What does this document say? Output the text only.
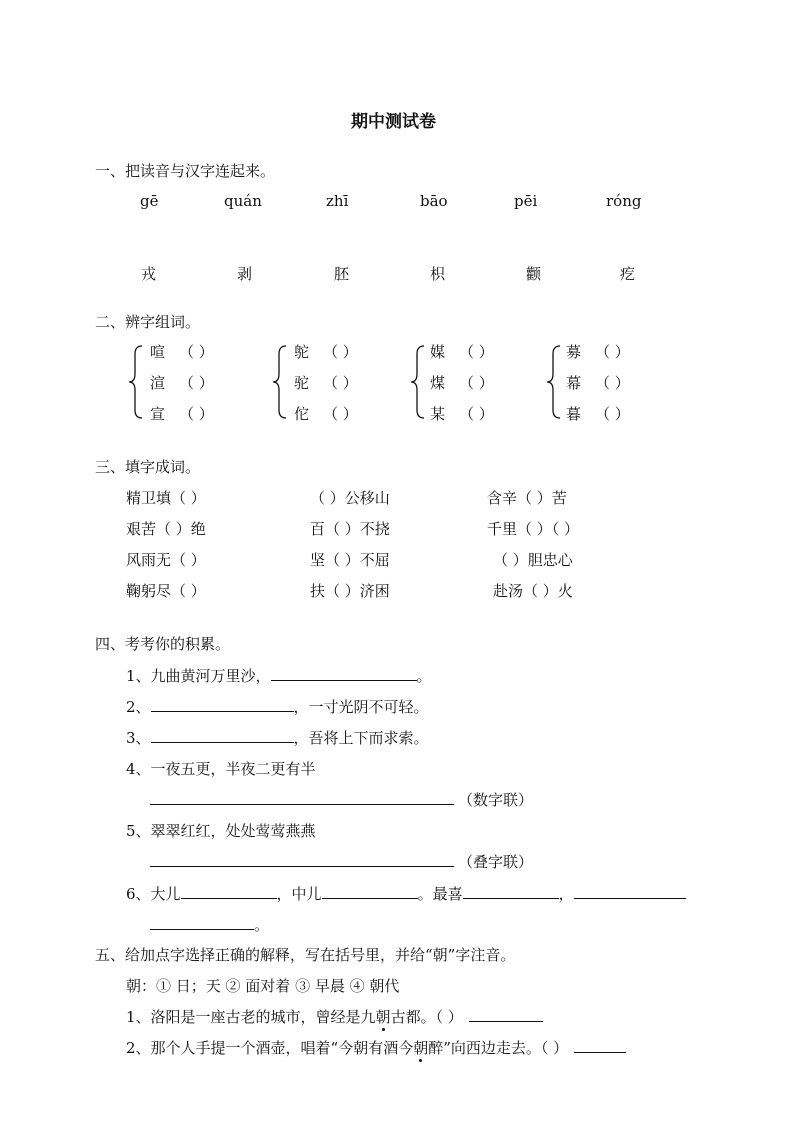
期中测试卷
一、把读音与汉字连起来。
gē	quán	zhī	bāo	pēi	róng
戎	剥	胚	枳	颧	疙
二、辨字组词。
喧 （ ）
渲 （ ）
宣 （ ）
鸵 （ ）
驼 （ ）
佗 （ ）
媒 （ ）
煤 （ ）
某 （ ）
募 （ ）
幕 （ ）
暮 （ ）
三、填字成词。
精卫填（ ）	（ ）公移山	含辛（ ）苦
艰苦（ ）绝	百（ ）不挠	千里（ ）（ ）
风雨无（ ）	坚（ ）不屈	（ ）胆忠心
鞠躬尽（ ）	扶（ ）济困	赴汤（ ）火
四、考考你的积累。
1、九曲黄河万里沙，	。
2、	，一寸光阴不可轻。
3、	，吾将上下而求索。
4、一夜五更，半夜二更有半
（数字联）
5、翠翠红红，处处莺莺燕燕
（叠字联）
6、大儿	，中儿	。最喜	，
。
五、给加点字选择正确的解释，写在括号里，并给“朝”字注音。
朝：① 日；天 ② 面对着 ③ 早晨 ④ 朝代
1、洛阳是一座古老的城市，曾经是九朝古都。（ ）
2、那个人手提一个酒壶，唱着“今朝有酒今朝醉”向西边走去。（ ）
